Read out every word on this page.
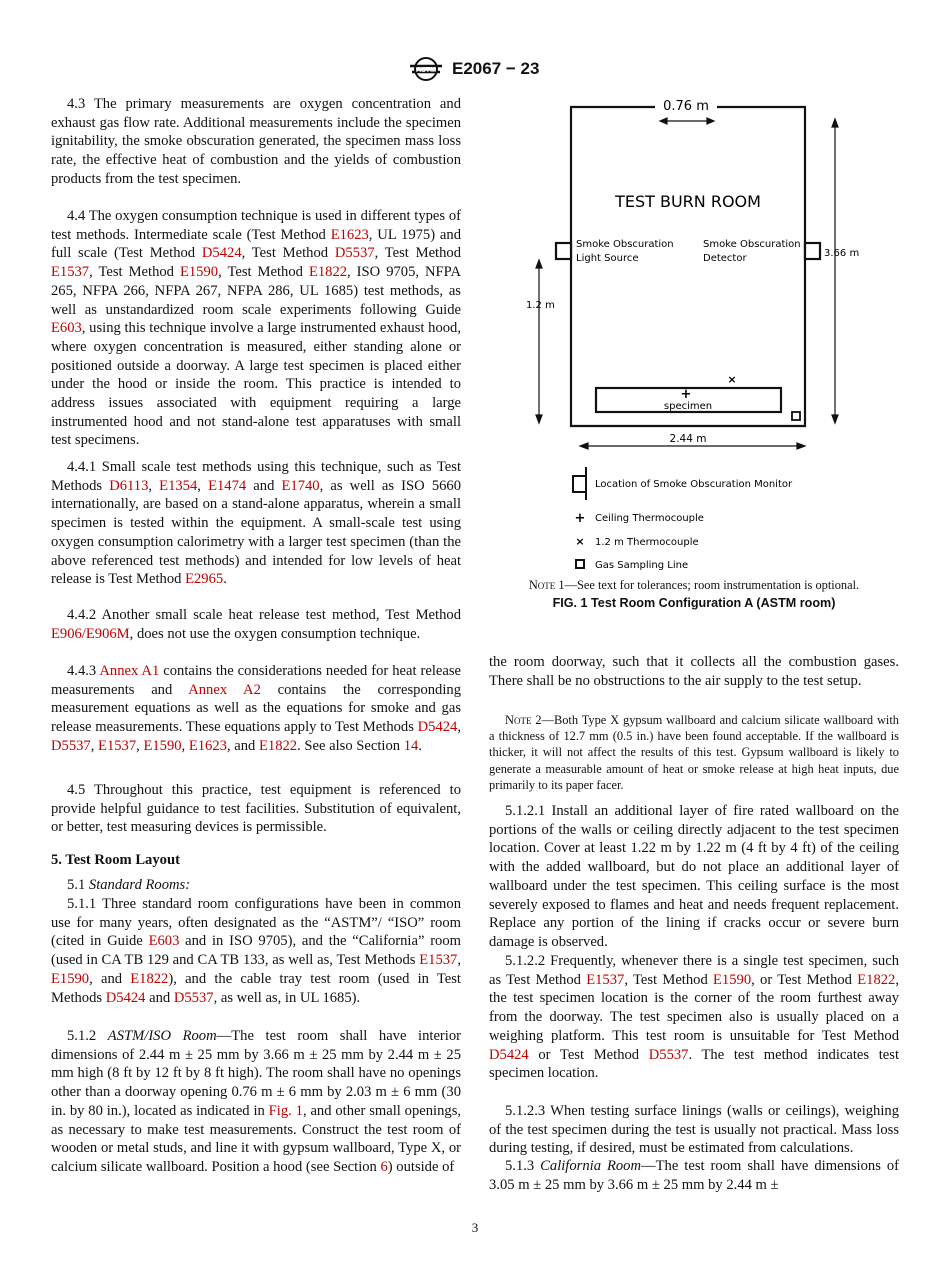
ASTM E2067 − 23
0.76 m
TEST BURN ROOM
Smoke Obscuration
Light Source
Smoke Obscuration
Detector	3.66 m
1.2 m
+
specimen
×
2.44 m
+
×
Location of Smoke Obscuration Monitor
Ceiling Thermocouple
1.2 m Thermocouple
Gas Sampling Line
Note 1—See text for tolerances; room instrumentation is optional.
FIG. 1 Test Room Configuration A (ASTM room)

4.3 The primary measurements are oxygen concentration and exhaust gas flow rate. Additional measurements include the specimen ignitability, the smoke obscuration generated, the specimen mass loss rate, the effective heat of combustion and the yields of combustion products from the test specimen.

4.4 The oxygen consumption technique is used in different types of test methods. Intermediate scale (Test Method E1623, UL 1975) and full scale (Test Method D5424, Test Method D5537, Test Method E1537, Test Method E1590, Test Method E1822, ISO 9705, NFPA 265, NFPA 266, NFPA 267, NFPA 286, UL 1685) test methods, as well as unstandardized room scale experiments following Guide E603, using this technique involve a large instrumented exhaust hood, where oxygen concentration is measured, either standing alone or positioned outside a doorway. A large test specimen is placed either under the hood or inside the room. This practice is intended to address issues associated with equipment requiring a large instrumented hood and not stand-alone test apparatuses with small test specimens.

4.4.1 Small scale test methods using this technique, such as Test Methods D6113, E1354, E1474 and E1740, as well as ISO 5660 internationally, are based on a stand-alone apparatus, wherein a small specimen is tested within the equipment. A small-scale test using oxygen consumption calorimetry with a larger test specimen (than the above referenced test methods) and intended for low levels of heat release is Test Method E2965.

4.4.2 Another small scale heat release test method, Test Method E906/E906M, does not use the oxygen consumption technique.

4.4.3 Annex A1 contains the considerations needed for heat release measurements and Annex A2 contains the corresponding measurement equations as well as the equations for smoke and gas release measurements. These equations apply to Test Methods D5424, D5537, E1537, E1590, E1623, and E1822. See also Section 14.

4.5 Throughout this practice, test equipment is referenced to provide helpful guidance to test facilities. Substitution of equivalent, or better, test measuring devices is permissible.

5. Test Room Layout

5.1 Standard Rooms:

5.1.1 Three standard room configurations have been in common use for many years, often designated as the “ASTM”/ “ISO” room (cited in Guide E603 and in ISO 9705), and the “California” room (used in CA TB 129 and CA TB 133, as well as, Test Methods E1537, E1590, and E1822), and the cable tray test room (used in Test Methods D5424 and D5537, as well as, in UL 1685).

5.1.2 ASTM/ISO Room—The test room shall have interior dimensions of 2.44 m ± 25 mm by 3.66 m ± 25 mm by 2.44 m ± 25 mm high (8 ft by 12 ft by 8 ft high). The room shall have no openings other than a doorway opening 0.76 m ± 6 mm by 2.03 m ± 6 mm (30 in. by 80 in.), located as indicated in Fig. 1, and other small openings, as necessary to make test measurements. Construct the test room of wooden or metal studs, and line it with gypsum wallboard, Type X, or calcium silicate wallboard. Position a hood (see Section 6) outside of

the room doorway, such that it collects all the combustion gases. There shall be no obstructions to the air supply to the test setup.

Note 2—Both Type X gypsum wallboard and calcium silicate wallboard with a thickness of 12.7 mm (0.5 in.) have been found acceptable. If the wallboard is thicker, it will not affect the results of this test. Gypsum wallboard is likely to generate a measurable amount of heat or smoke release at high heat inputs, due primarily to its paper facer.

5.1.2.1 Install an additional layer of fire rated wallboard on the portions of the walls or ceiling directly adjacent to the test specimen location. Cover at least 1.22 m by 1.22 m (4 ft by 4 ft) of the ceiling with the added wallboard, but do not place an additional layer of wallboard under the test specimen. This ceiling surface is the most severely exposed to flames and heat and needs frequent replacement. Replace any portion of the lining if cracks occur or severe burn damage is observed.

5.1.2.2 Frequently, whenever there is a single test specimen, such as Test Method E1537, Test Method E1590, or Test Method E1822, the test specimen location is the corner of the room furthest away from the doorway. The test specimen also is usually placed on a weighing platform. This test room is unsuitable for Test Method D5424 or Test Method D5537. The test method indicates test specimen location.

5.1.2.3 When testing surface linings (walls or ceilings), weighing of the test specimen during the test is usually not practical. Mass loss during testing, if desired, must be estimated from calculations.

5.1.3 California Room—The test room shall have dimensions of 3.05 m ± 25 mm by 3.66 m ± 25 mm by 2.44 m ±

3
